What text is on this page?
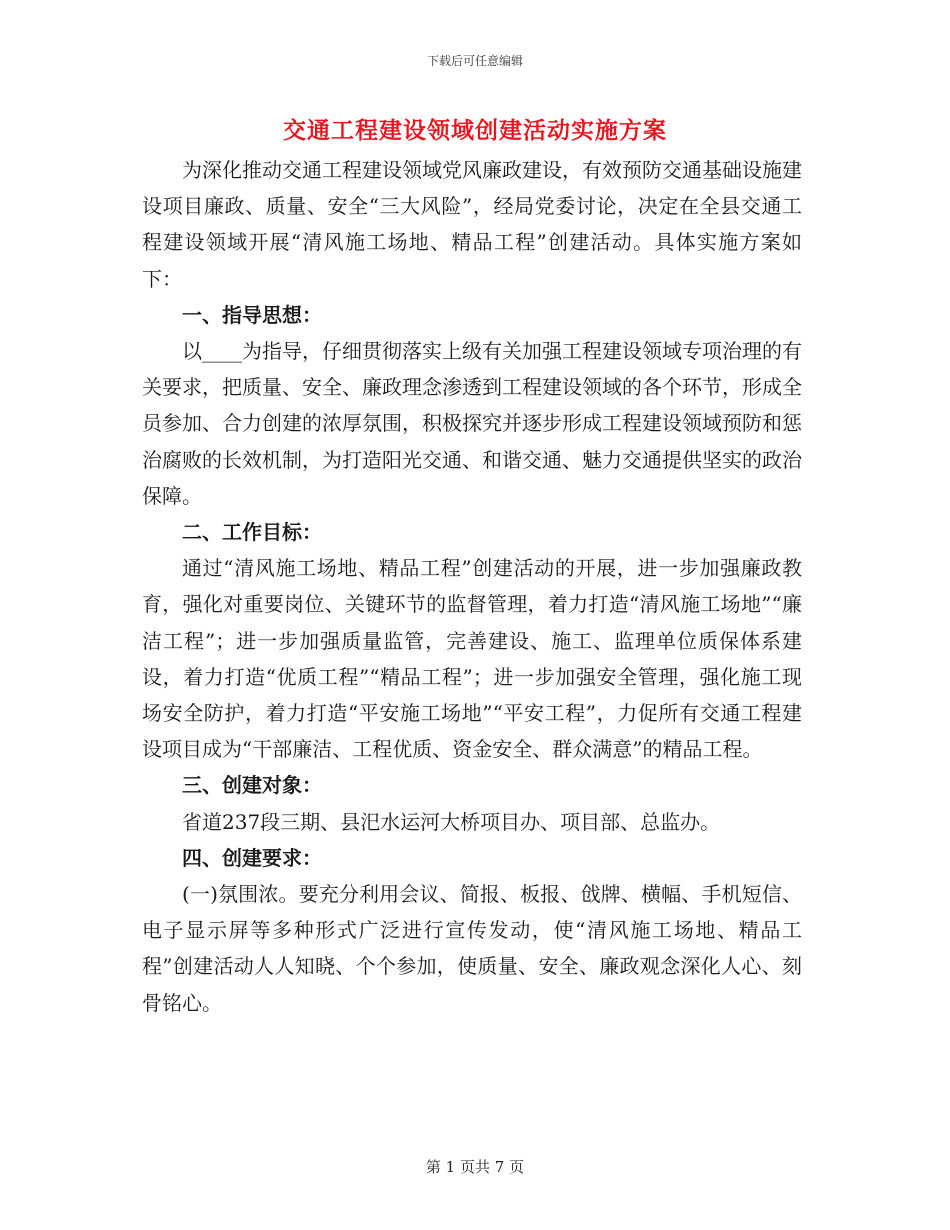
下载后可任意编辑
交通工程建设领域创建活动实施方案

为深化推动交通工程建设领域党风廉政建设，有效预防交通基础设施建设项目廉政、质量、安全“三大风险”，经局党委讨论，决定在全县交通工程建设领域开展“清风施工场地、精品工程”创建活动。具体实施方案如下：

一、指导思想：

以____为指导，仔细贯彻落实上级有关加强工程建设领域专项治理的有关要求，把质量、安全、廉政理念渗透到工程建设领域的各个环节，形成全员参加、合力创建的浓厚氛围，积极探究并逐步形成工程建设领域预防和惩治腐败的长效机制，为打造阳光交通、和谐交通、魅力交通提供坚实的政治保障。

二、工作目标：

通过“清风施工场地、精品工程”创建活动的开展，进一步加强廉政教育，强化对重要岗位、关键环节的监督管理，着力打造“清风施工场地”“廉洁工程”；进一步加强质量监管，完善建设、施工、监理单位质保体系建设，着力打造“优质工程”“精品工程”；进一步加强安全管理，强化施工现场安全防护，着力打造“平安施工场地”“平安工程”，力促所有交通工程建设项目成为“干部廉洁、工程优质、资金安全、群众满意”的精品工程。

三、创建对象：

省道237段三期、县汜水运河大桥项目办、项目部、总监办。

四、创建要求：

(一)氛围浓。要充分利用会议、简报、板报、戗牌、横幅、手机短信、电子显示屏等多种形式广泛进行宣传发动，使“清风施工场地、精品工程”创建活动人人知晓、个个参加，使质量、安全、廉政观念深化人心、刻骨铭心。

第 1 页共 7 页
